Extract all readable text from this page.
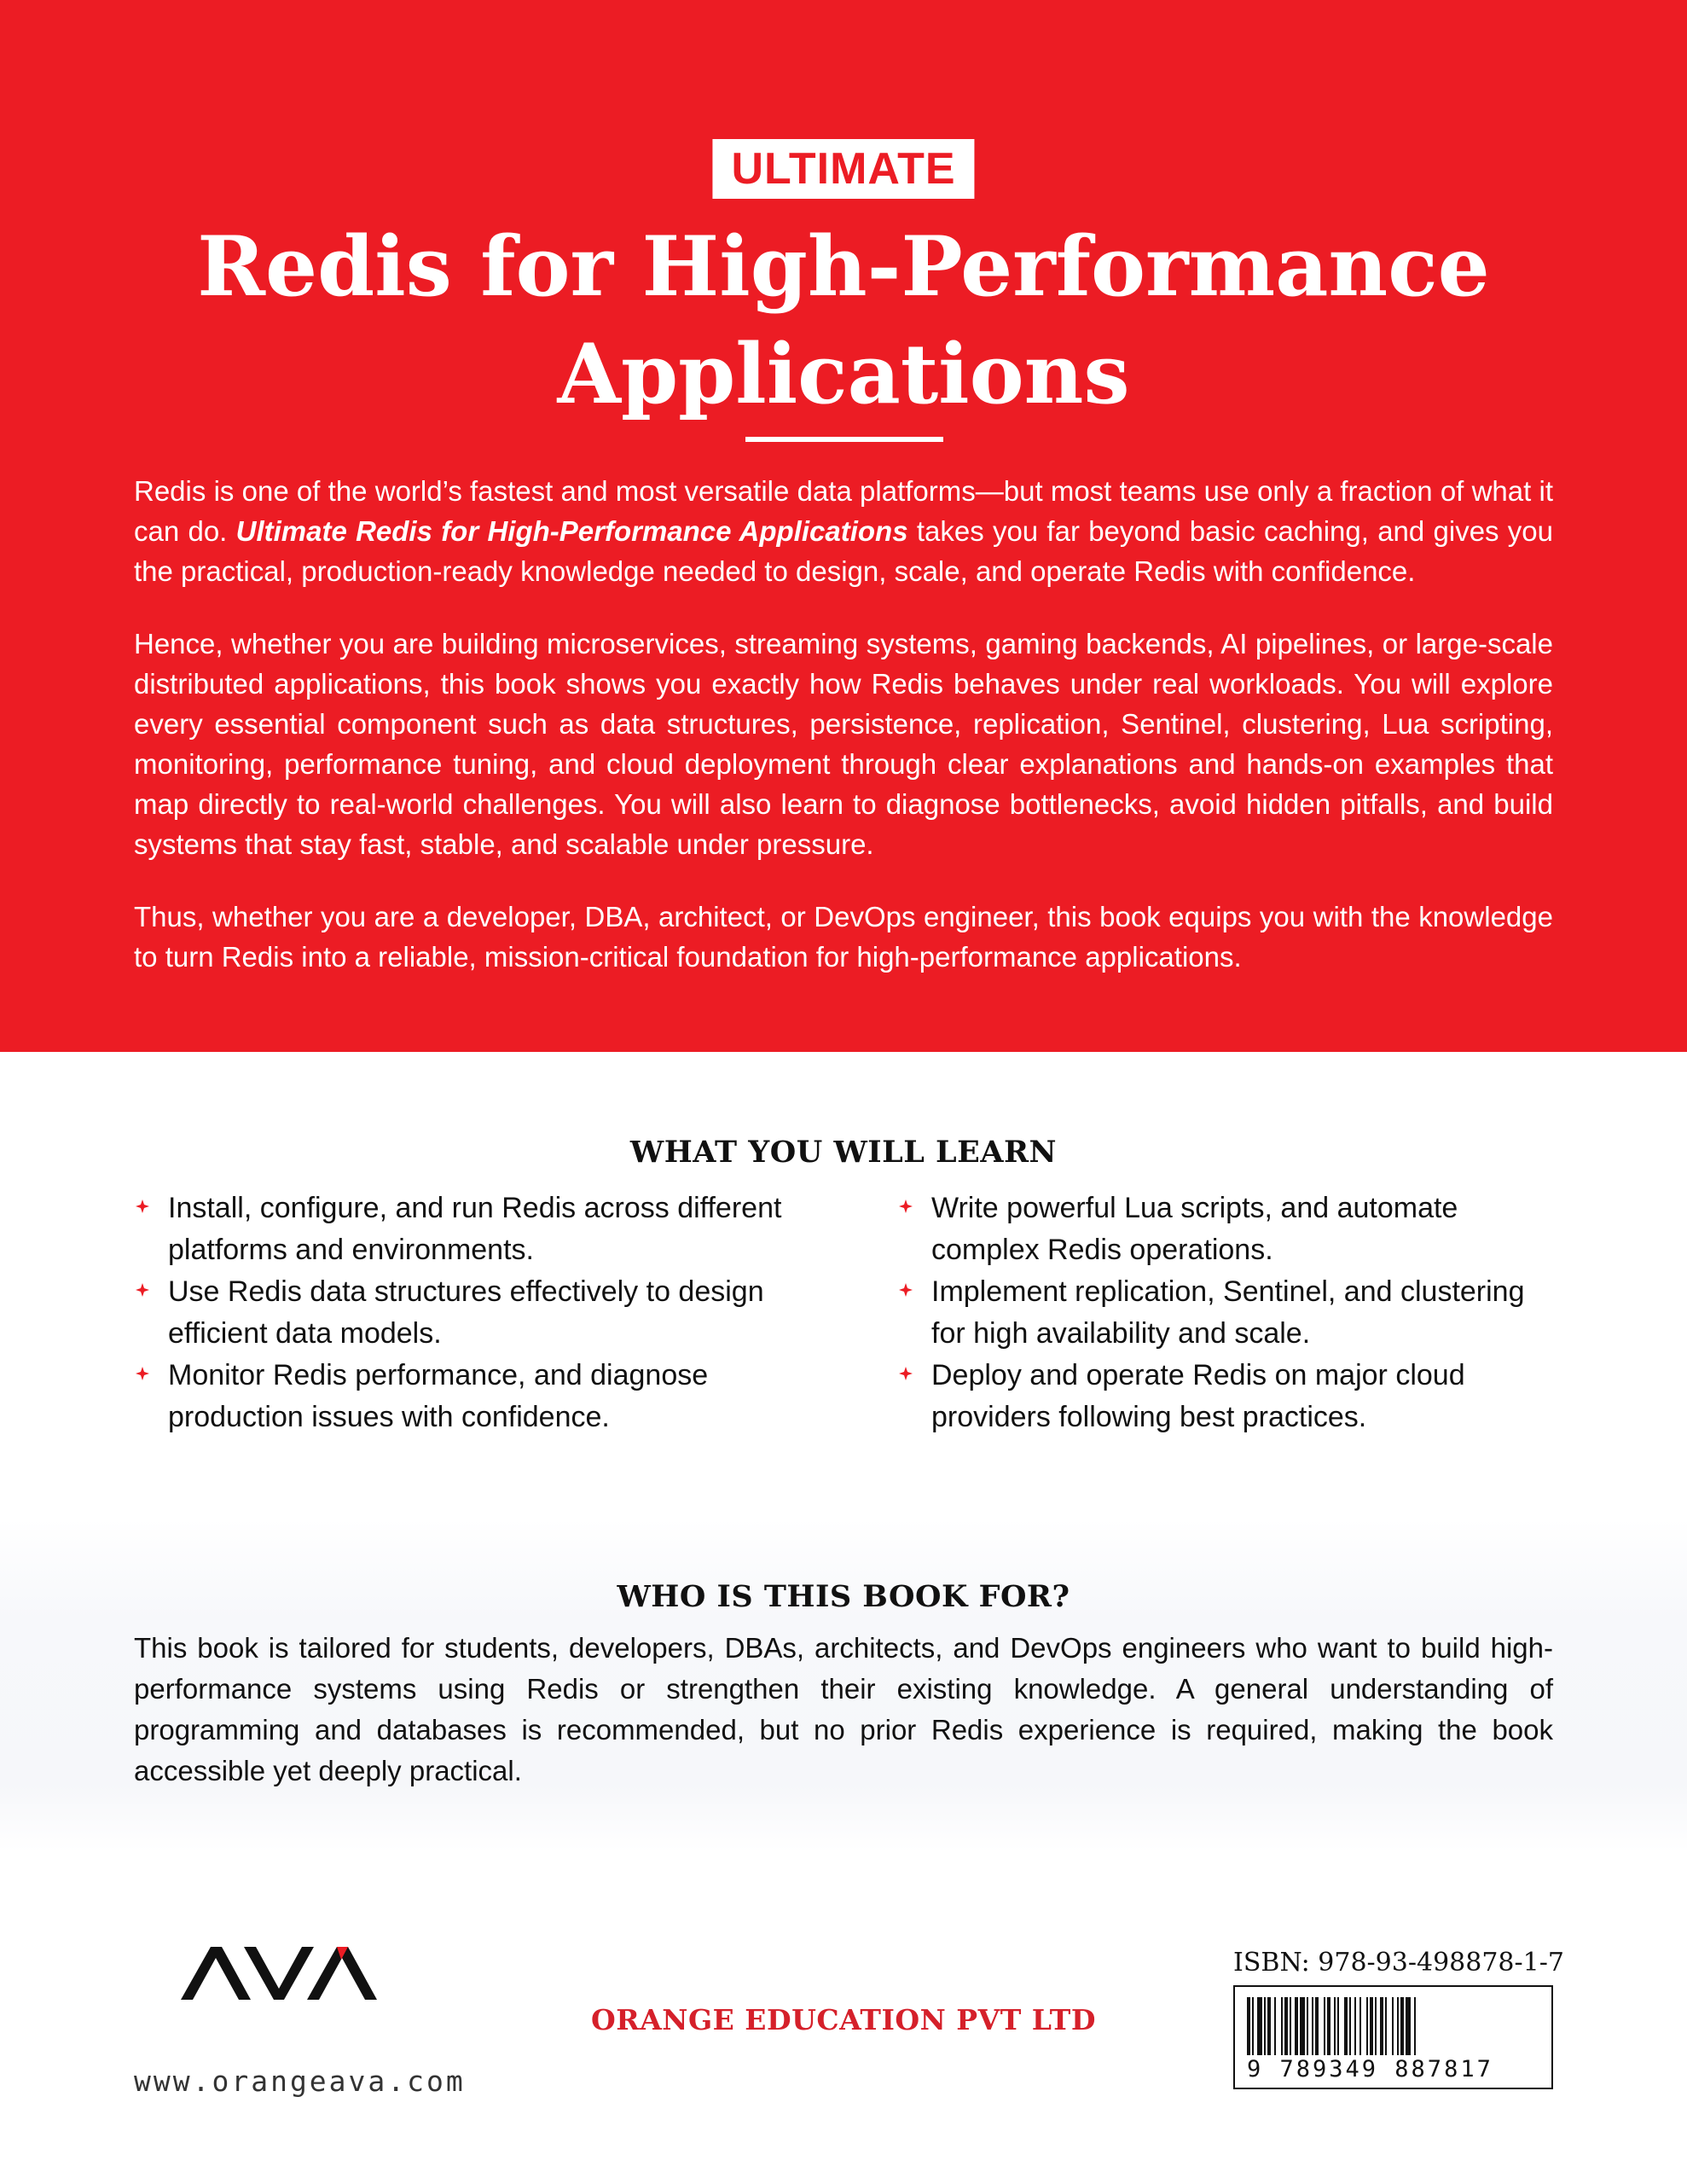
ULTIMATE
Redis for High-Performance
Applications

Redis is one of the world’s fastest and most versatile data platforms—but most teams use only a fraction of what it can do. Ultimate Redis for High-Performance Applications takes you far beyond basic caching, and gives you the practical, production-ready knowledge needed to design, scale, and operate Redis with confidence.

Hence, whether you are building microservices, streaming systems, gaming backends, AI pipelines, or large-scale distributed applications, this book shows you exactly how Redis behaves under real workloads. You will explore every essential component such as data structures, persistence, replication, Sentinel, clustering, Lua scripting, monitoring, performance tuning, and cloud deployment through clear explanations and hands-on examples that map directly to real-world challenges. You will also learn to diagnose bottlenecks, avoid hidden pitfalls, and build systems that stay fast, stable, and scalable under pressure.

Thus, whether you are a developer, DBA, architect, or DevOps engineer, this book equips you with the knowledge to turn Redis into a reliable, mission-critical foundation for high-performance applications.

WHAT YOU WILL LEARN
Install, configure, and run Redis across different platforms and environments.
Use Redis data structures effectively to design efficient data models.
Monitor Redis performance, and diagnose production issues with confidence.
Write powerful Lua scripts, and automate complex Redis operations.
Implement replication, Sentinel, and clustering for high availability and scale.
Deploy and operate Redis on major cloud providers following best practices.
WHO IS THIS BOOK FOR?

This book is tailored for students, developers, DBAs, architects, and DevOps engineers who want to build high-performance systems using Redis or strengthen their existing knowledge. A general understanding of programming and databases is recommended, but no prior Redis experience is required, making the book accessible yet deeply practical.

www.orangeava.com
ORANGE EDUCATION PVT LTD
ISBN: 978-93-498878-1-7
9 789349 887817
